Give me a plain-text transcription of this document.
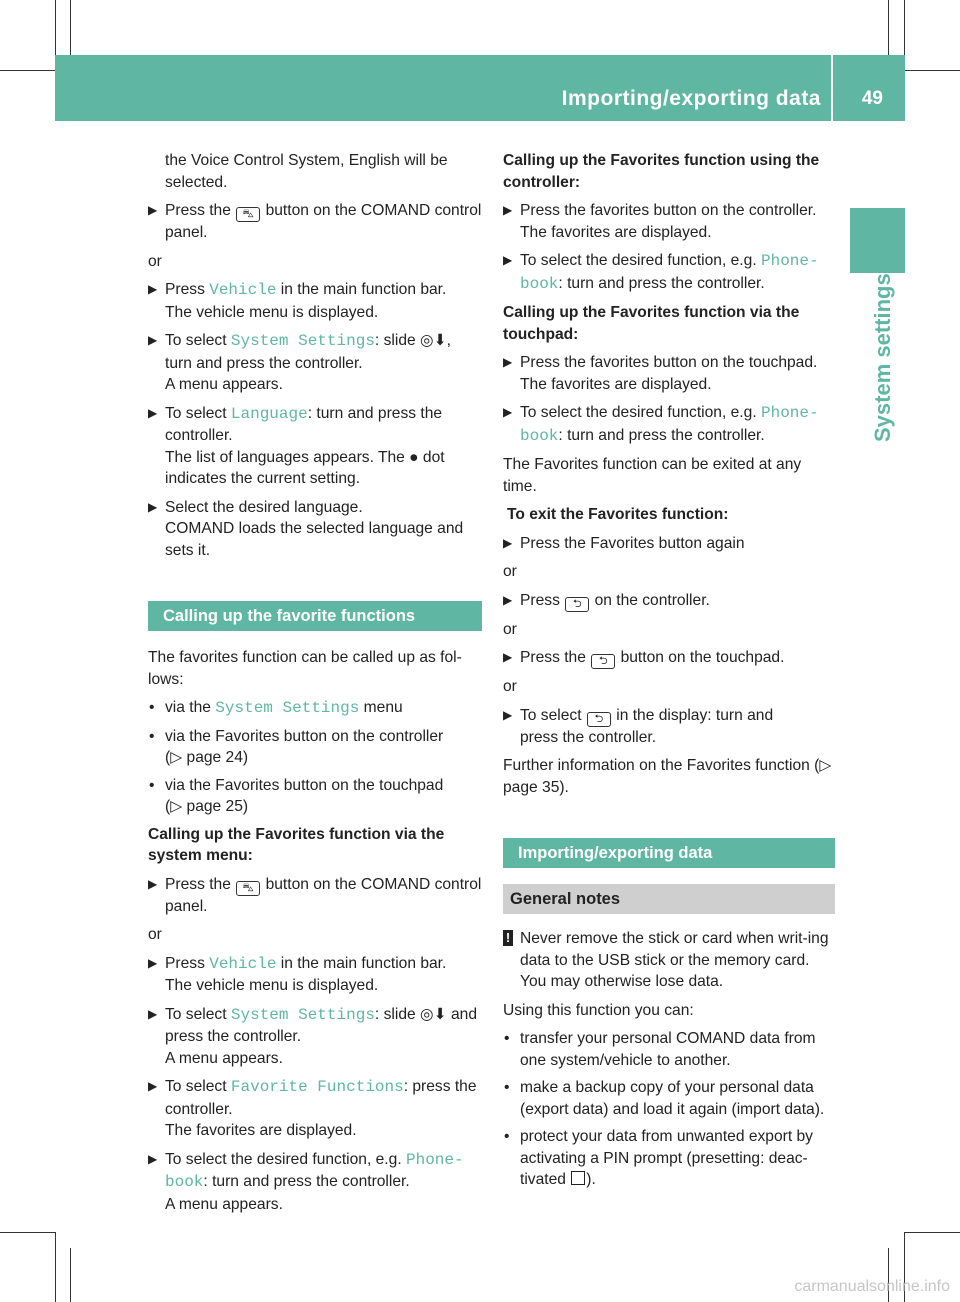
Importing/exporting data 49
System settings
the Voice Control System, English will be selected.
▶ Press the ⛍ button on the COMAND control panel.
or
▶ Press Vehicle in the main function bar.
The vehicle menu is displayed.
▶ To select System Settings: slide ◎⬇,
turn and press the controller.
A menu appears.
▶ To select Language: turn and press the
controller.
The list of languages appears. The ● dot
indicates the current setting.
▶ Select the desired language.
COMAND loads the selected language and sets it.
Calling up the favorite functions
The favorites function can be called up as fol-lows:
• via the System Settings menu
• via the Favorites button on the controller
(▷ page 24)
• via the Favorites button on the touchpad
(▷ page 25)
Calling up the Favorites function via the system menu:
▶ Press the ⛍ button on the COMAND control panel.
or
▶ Press Vehicle in the main function bar.
The vehicle menu is displayed.
▶ To select System Settings: slide ◎⬇ and
press the controller.
A menu appears.
▶ To select Favorite Functions: press the
controller.
The favorites are displayed.
▶ To select the desired function, e.g. Phone‐
book: turn and press the controller.
A menu appears.
Calling up the Favorites function using the controller:
▶ Press the favorites button on the controller.
The favorites are displayed.
▶ To select the desired function, e.g. Phone‐
book: turn and press the controller.
Calling up the Favorites function via the touchpad:
▶ Press the favorites button on the touchpad.
The favorites are displayed.
▶ To select the desired function, e.g. Phone‐
book: turn and press the controller.
The Favorites function can be exited at any time.
To exit the Favorites function:
▶ Press the Favorites button again
or
▶ Press ⮌ on the controller.
or
▶ Press the ⮌ button on the touchpad.
or
▶ To select ⮌ in the display: turn and
press the controller.
Further information on the Favorites function (▷ page 35).
Importing/exporting data
General notes
! Never remove the stick or card when writ-ing data to the USB stick or the memory card. You may otherwise lose data.
Using this function you can:
• transfer your personal COMAND data from one system/vehicle to another.
• make a backup copy of your personal data (export data) and load it again (import data).
• protect your data from unwanted export by activating a PIN prompt (presetting: deac-tivated ).
carmanualsonline.info
